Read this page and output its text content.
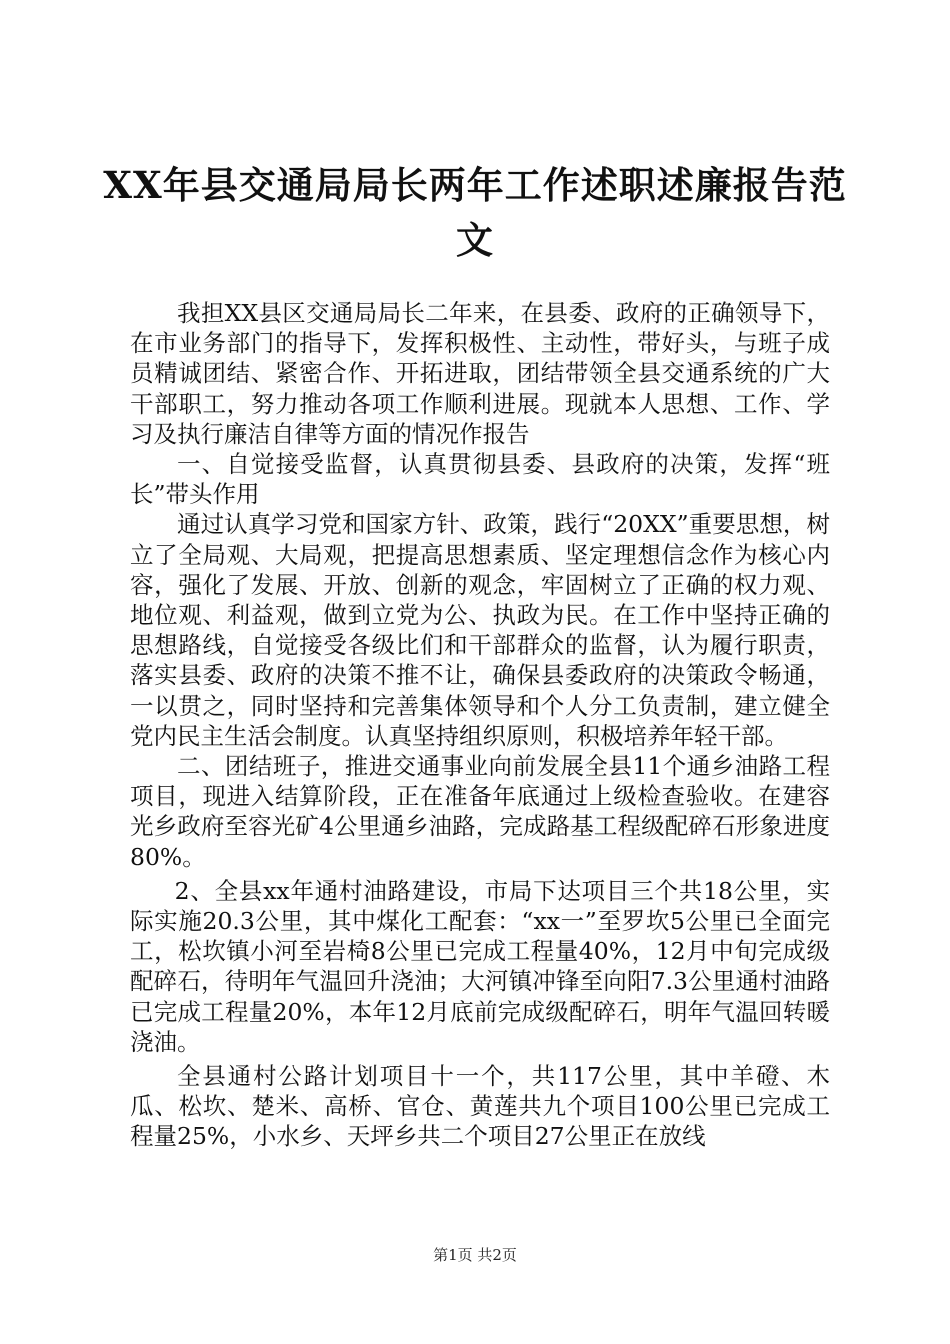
XX年县交通局局长两年工作述职述廉报告范文

我担XX县区交通局局长二年来，在县委、政府的正确领导下，在市业务部门的指导下，发挥积极性、主动性，带好头，与班子成员精诚团结、紧密合作、开拓进取，团结带领全县交通系统的广大干部职工，努力推动各项工作顺利进展。现就本人思想、工作、学习及执行廉洁自律等方面的情况作报告

一、自觉接受监督，认真贯彻县委、县政府的决策，发挥“班长”带头作用

通过认真学习党和国家方针、政策，践行“20XX”重要思想，树立了全局观、大局观，把提高思想素质、坚定理想信念作为核心内容，强化了发展、开放、创新的观念，牢固树立了正确的权力观、地位观、利益观，做到立党为公、执政为民。在工作中坚持正确的思想路线，自觉接受各级比们和干部群众的监督，认为履行职责，落实县委、政府的决策不推不让，确保县委政府的决策政令畅通，一以贯之，同时坚持和完善集体领导和个人分工负责制，建立健全党内民主生活会制度。认真坚持组织原则，积极培养年轻干部。

二、团结班子，推进交通事业向前发展全县11个通乡油路工程项目，现进入结算阶段，正在准备年底通过上级检查验收。在建容光乡政府至容光矿4公里通乡油路，完成路基工程级配碎石形象进度80%。

2、全县xx年通村油路建设，市局下达项目三个共18公里，实际实施20.3公里，其中煤化工配套：“xx一”至罗坎5公里已全面完工，松坎镇小河至岩椅8公里已完成工程量40%，12月中旬完成级配碎石，待明年气温回升浇油；大河镇冲锋至向阳7.3公里通村油路已完成工程量20%，本年12月底前完成级配碎石，明年气温回转暖浇油。

全县通村公路计划项目十一个，共117公里，其中羊磴、木瓜、松坎、楚米、高桥、官仓、黄莲共九个项目100公里已完成工程量25%，小水乡、天坪乡共二个项目27公里正在放线

第1页 共2页
